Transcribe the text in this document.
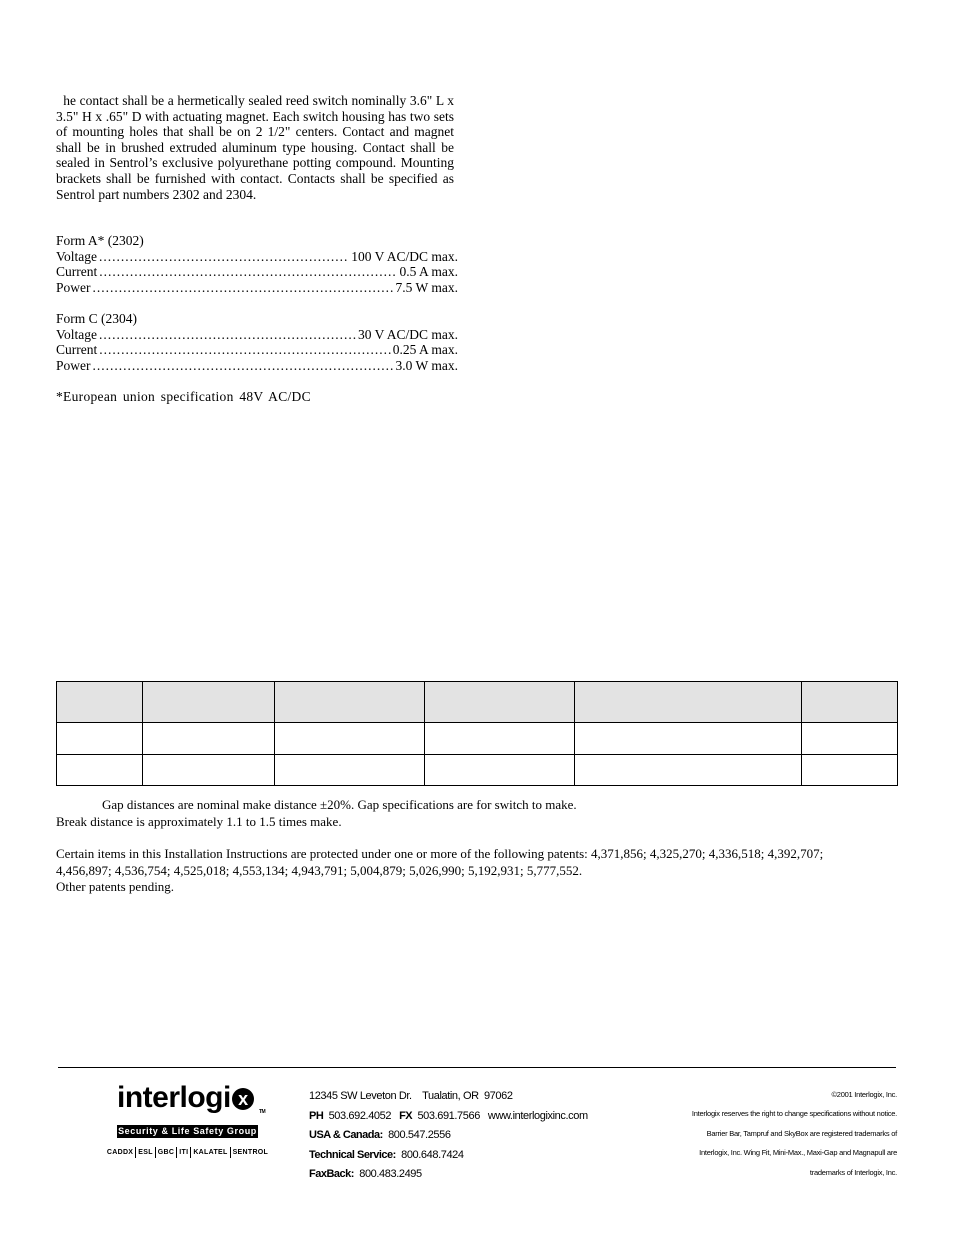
he contact shall be a hermetically sealed reed switch nominally 3.6" L x 3.5" H x .65" D with actuating magnet. Each switch housing has two sets of mounting holes that shall be on 2 1/2" centers. Contact and magnet shall be in brushed extruded aluminum type housing. Contact shall be sealed in Sentrol’s exclusive polyurethane potting compound. Mounting brackets shall be furnished with contact. Contacts shall be specified as Sentrol part numbers 2302 and 2304.
Form A* (2302)
Voltage .....	100 V AC/DC max.
Current .....	0.5 A max.
Power .....	7.5 W max.
Form C (2304)
Voltage .....	30 V AC/DC max.
Current .....	0.25 A max.
Power .....	3.0 W max.
*European union specification 48V AC/DC

Gap distances are nominal make distance ±20%. Gap specifications are for switch to make.
Break distance is approximately 1.1 to 1.5 times make.
Certain items in this Installation Instructions are protected under one or more of the following patents: 4,371,856; 4,325,270; 4,336,518; 4,392,707;
4,456,897; 4,536,754; 4,525,018; 4,553,134; 4,943,791; 5,004,879; 5,026,990; 5,192,931; 5,777,552.
Other patents pending.
interlogi x
TM
Security & Life Safety Group
CADDX ESL GBC ITI KALATEL SENTROL
12345 SW Leveton Dr.    Tualatin, OR  97062
PH 503.692.4052 FX 503.691.7566 www.interlogixinc.com
USA & Canada: 800.547.2556
Technical Service: 800.648.7424
FaxBack: 800.483.2495
©2001 Interlogix, Inc.
Interlogix reserves the right to change specifications without notice.
Barrier Bar, Tampruf and SkyBox are registered trademarks of
Interlogix, Inc. Wing Fit, Mini-Max., Maxi-Gap and Magnapull are
trademarks of Interlogix, Inc.
